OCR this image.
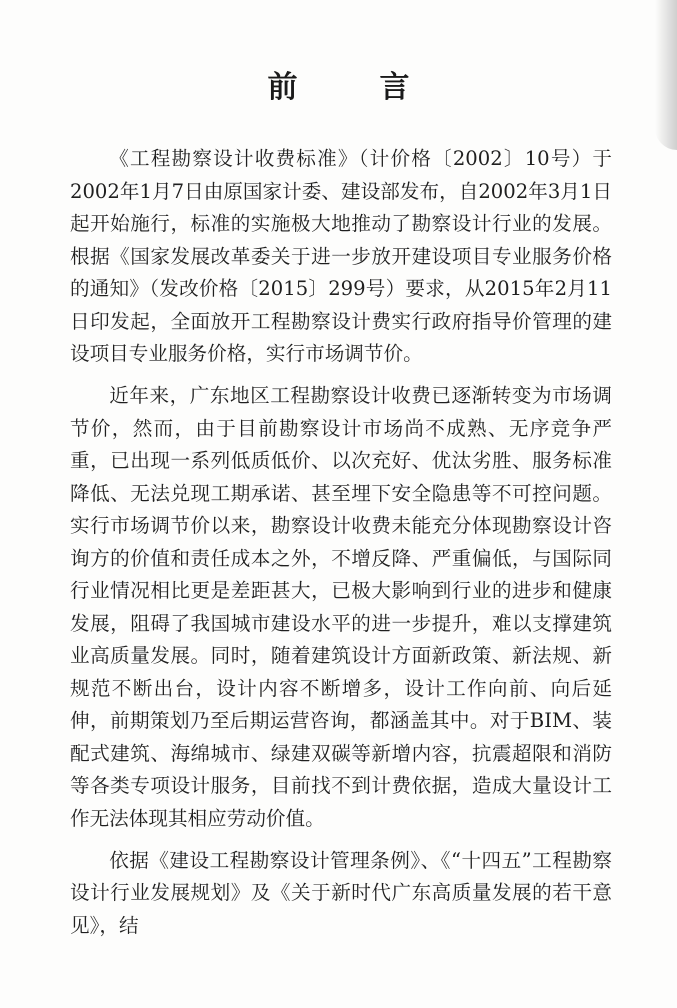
前　言

《工程勘察设计收费标准》（计价格〔2002〕10号）于2002年1月7日由原国家计委、建设部发布，自2002年3月1日起开始施行，标准的实施极大地推动了勘察设计行业的发展。根据《国家发展改革委关于进一步放开建设项目专业服务价格的通知》（发改价格〔2015〕299号）要求，从2015年2月11日印发起，全面放开工程勘察设计费实行政府指导价管理的建设项目专业服务价格，实行市场调节价。

近年来，广东地区工程勘察设计收费已逐渐转变为市场调节价，然而，由于目前勘察设计市场尚不成熟、无序竞争严重，已出现一系列低质低价、以次充好、优汰劣胜、服务标准降低、无法兑现工期承诺、甚至埋下安全隐患等不可控问题。实行市场调节价以来，勘察设计收费未能充分体现勘察设计咨询方的价值和责任成本之外，不增反降、严重偏低，与国际同行业情况相比更是差距甚大，已极大影响到行业的进步和健康发展，阻碍了我国城市建设水平的进一步提升，难以支撑建筑业高质量发展。同时，随着建筑设计方面新政策、新法规、新规范不断出台，设计内容不断增多，设计工作向前、向后延伸，前期策划乃至后期运营咨询，都涵盖其中。对于BIM、装配式建筑、海绵城市、绿建双碳等新增内容，抗震超限和消防等各类专项设计服务，目前找不到计费依据，造成大量设计工作无法体现其相应劳动价值。

依据《建设工程勘察设计管理条例》、《“十四五”工程勘察设计行业发展规划》及《关于新时代广东高质量发展的若干意见》，结
